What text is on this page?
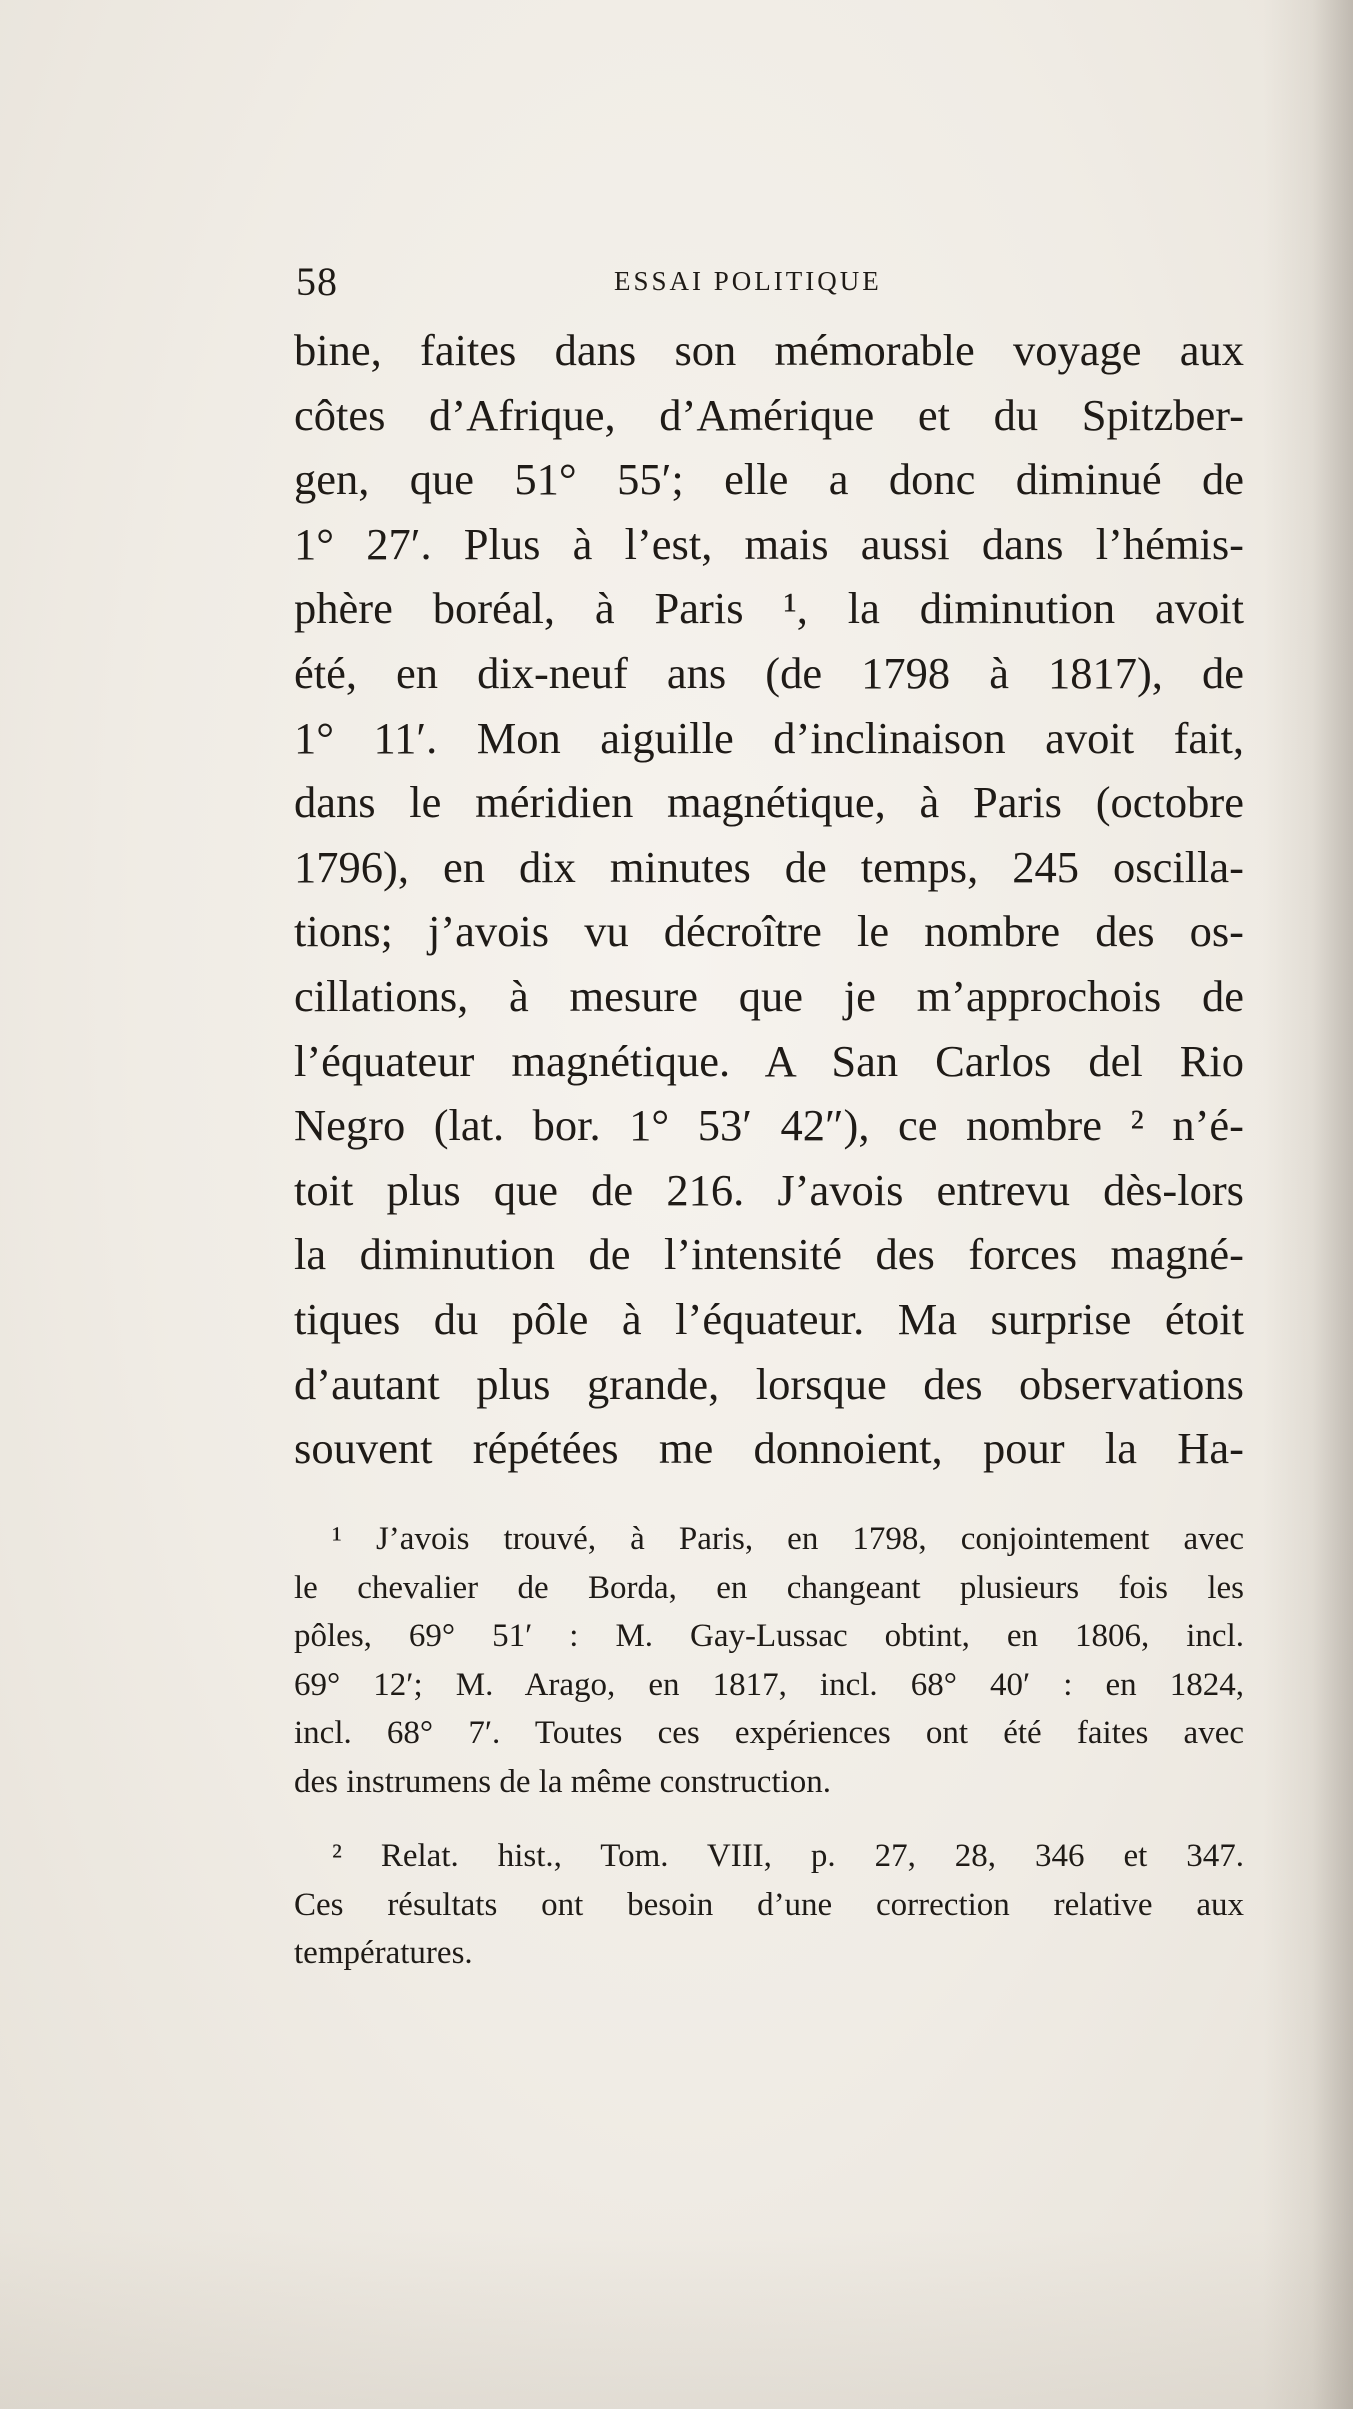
58	ESSAI POLITIQUE
bine, faites dans son mémorable voyage aux
côtes d’Afrique, d’Amérique et du Spitzber-
gen, que 51° 55′; elle a donc diminué de
1° 27′. Plus à l’est, mais aussi dans l’hémis-
phère boréal, à Paris ¹, la diminution avoit
été, en dix-neuf ans (de 1798 à 1817), de
1° 11′. Mon aiguille d’inclinaison avoit fait,
dans le méridien magnétique, à Paris (octobre
1796), en dix minutes de temps, 245 oscilla-
tions; j’avois vu décroître le nombre des os-
cillations, à mesure que je m’approchois de
l’équateur magnétique. A San Carlos del Rio
Negro (lat. bor. 1° 53′ 42″), ce nombre ² n’é-
toit plus que de 216. J’avois entrevu dès-lors
la diminution de l’intensité des forces magné-
tiques du pôle à l’équateur. Ma surprise étoit
d’autant plus grande, lorsque des observations
souvent répétées me donnoient, pour la Ha-
¹ J’avois trouvé, à Paris, en 1798, conjointement avec
le chevalier de Borda, en changeant plusieurs fois les
pôles, 69° 51′ : M. Gay-Lussac obtint, en 1806, incl.
69° 12′; M. Arago, en 1817, incl. 68° 40′ : en 1824,
incl. 68° 7′. Toutes ces expériences ont été faites avec
des instrumens de la même construction.
² Relat. hist., Tom. VIII, p. 27, 28, 346 et 347.
Ces résultats ont besoin d’une correction relative aux
températures.
